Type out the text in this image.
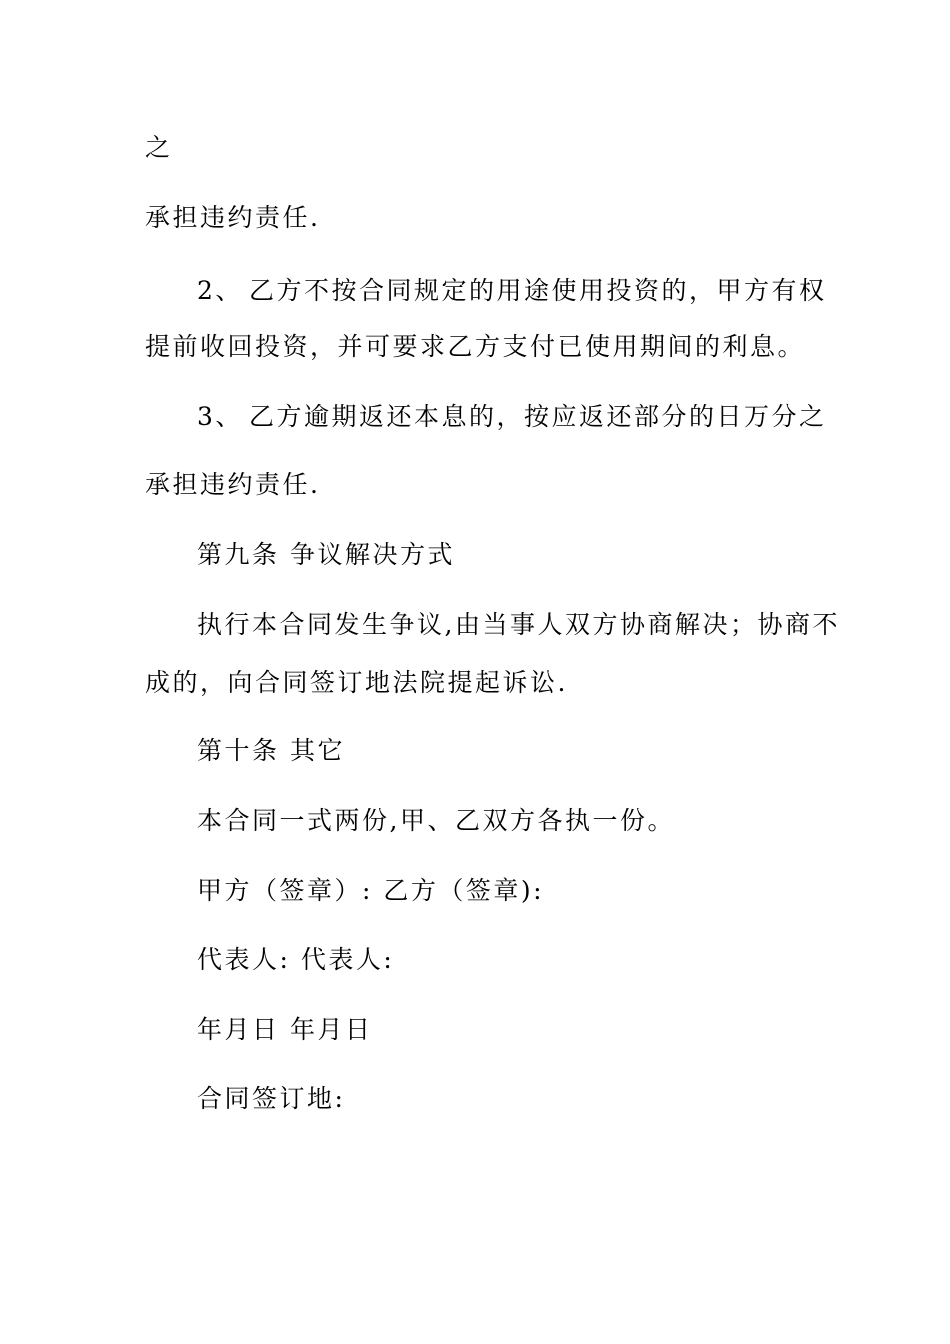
之
承担违约责任.
2、 乙方不按合同规定的用途使用投资的，甲方有权
提前收回投资，并可要求乙方支付已使用期间的利息。
3、 乙方逾期返还本息的，按应返还部分的日万分之
承担违约责任.
第九条 争议解决方式
执行本合同发生争议,由当事人双方协商解决；协商不
成的，向合同签订地法院提起诉讼.
第十条 其它
本合同一式两份,甲、乙双方各执一份。
甲方（签章）: 乙方（签章):
代表人: 代表人:
年月日 年月日
合同签订地:
